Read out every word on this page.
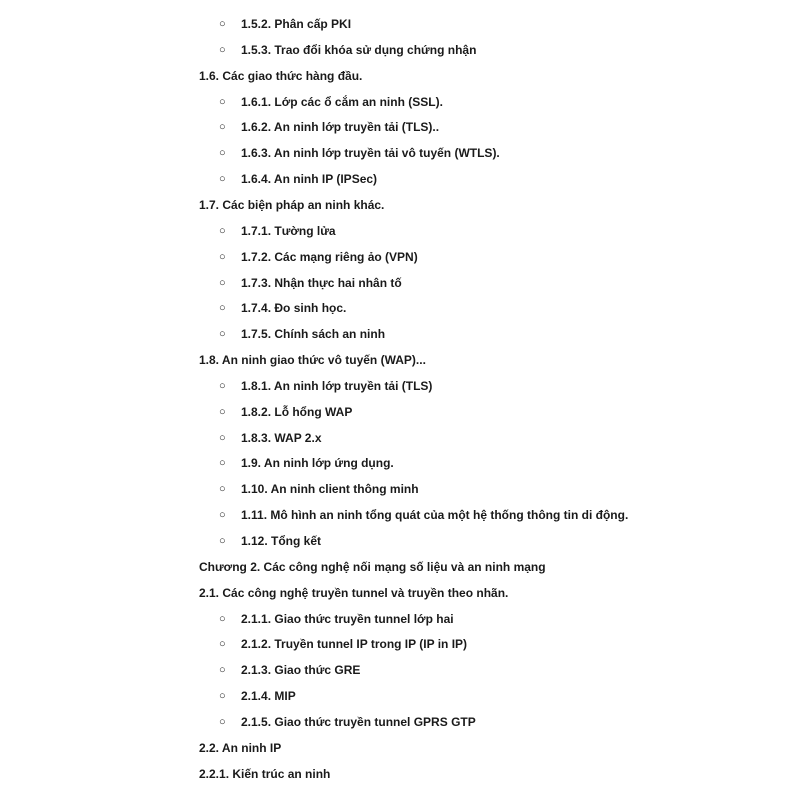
○ 1.5.2. Phân cấp PKI
○ 1.5.3. Trao đổi khóa sử dụng chứng nhận
1.6. Các giao thức hàng đầu.
○ 1.6.1. Lớp các ổ cắm an ninh (SSL).
○ 1.6.2. An ninh lớp truyền tải (TLS)..
○ 1.6.3. An ninh lớp truyền tải vô tuyến (WTLS).
○ 1.6.4. An ninh IP (IPSec)
1.7. Các biện pháp an ninh khác.
○ 1.7.1. Tường lửa
○ 1.7.2. Các mạng riêng ảo (VPN)
○ 1.7.3. Nhận thực hai nhân tố
○ 1.7.4. Đo sinh học.
○ 1.7.5. Chính sách an ninh
1.8. An ninh giao thức vô tuyến (WAP)...
○ 1.8.1. An ninh lớp truyền tải (TLS)
○ 1.8.2. Lỗ hổng WAP
○ 1.8.3. WAP 2.x
○ 1.9. An ninh lớp ứng dụng.
○ 1.10. An ninh client thông minh
○ 1.11. Mô hình an ninh tổng quát của một hệ thống thông tin di động.
○ 1.12. Tổng kết
Chương 2. Các công nghệ nối mạng số liệu và an ninh mạng
2.1. Các công nghệ truyền tunnel và truyền theo nhãn.
○ 2.1.1. Giao thức truyền tunnel lớp hai
○ 2.1.2. Truyền tunnel IP trong IP (IP in IP)
○ 2.1.3. Giao thức GRE
○ 2.1.4. MIP
○ 2.1.5. Giao thức truyền tunnel GPRS GTP
2.2. An ninh IP
2.2.1. Kiến trúc an ninh
